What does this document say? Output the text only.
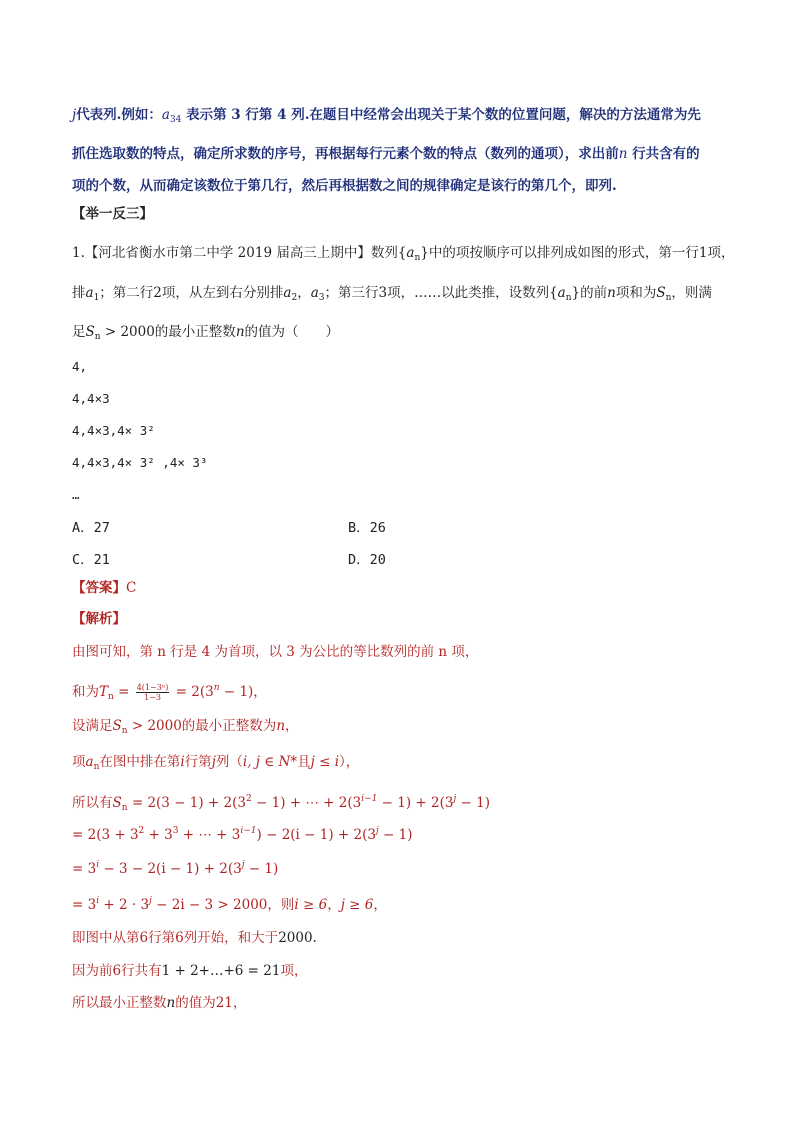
j代表列.例如：$a_{34}$ 表示第 3 行第 4 列.在题目中经常会出现关于某个数的位置问题，解决的方法通常为先
抓住选取数的特点，确定所求数的序号，再根据每行元素个数的特点（数列的通项），求出前n 行共含有的
项的个数，从而确定该数位于第几行，然后再根据数之间的规律确定是该行的第几个，即列.
【举一反三】
1.【河北省衡水市第二中学 2019 届高三上期中】数列$\{a_n\}$中的项按顺序可以排列成如图的形式，第一行1项，
排$a_1$；第二行2项，从左到右分别排$a_2$，$a_3$；第三行3项，……以此类推，设数列$\{a_n\}$的前n项和为$S_n$，则满
足$S_n > 2000$的最小正整数n的值为（　　）
4,
4,4×3
4,4×3,4× 3²
4,4×3,4× 3² ,4× 3³
…
A．27	B．26
C．21	D．20
【答案】C
【解析】
由图可知，第 n 行是 4 为首项，以 3 为公比的等比数列的前 n 项，
和为$T_n = \frac{\text{4(1−3ⁿ)}}{1-3} = 2(3^n - 1)$，
设满足$S_n > 2000$的最小正整数为n，
项$a_n$在图中排在第i行第j列（i, j ∈ N*且j ≤ i），
所以有$S_n = 2(3 - 1) + 2(3^2 - 1)$ + ⋯ + $2(3^{i-1} - 1) + 2(3^j - 1)$
= $2(3 + 3^2 + 3^3$ + ⋯ + $3^{i-1}) - 2(i - 1) + 2(3^j - 1)$
= $3^i - 3 - 2(i - 1) + 2(3^j - 1)$
= $3^i + 2 \cdot 3^j - 2i - 3 > 2000$，则i ≥ 6，j ≥ 6，
即图中从第6行第6列开始，和大于2000.
因为前6行共有1 + 2+…+6 = 21项，
所以最小正整数n的值为21，
